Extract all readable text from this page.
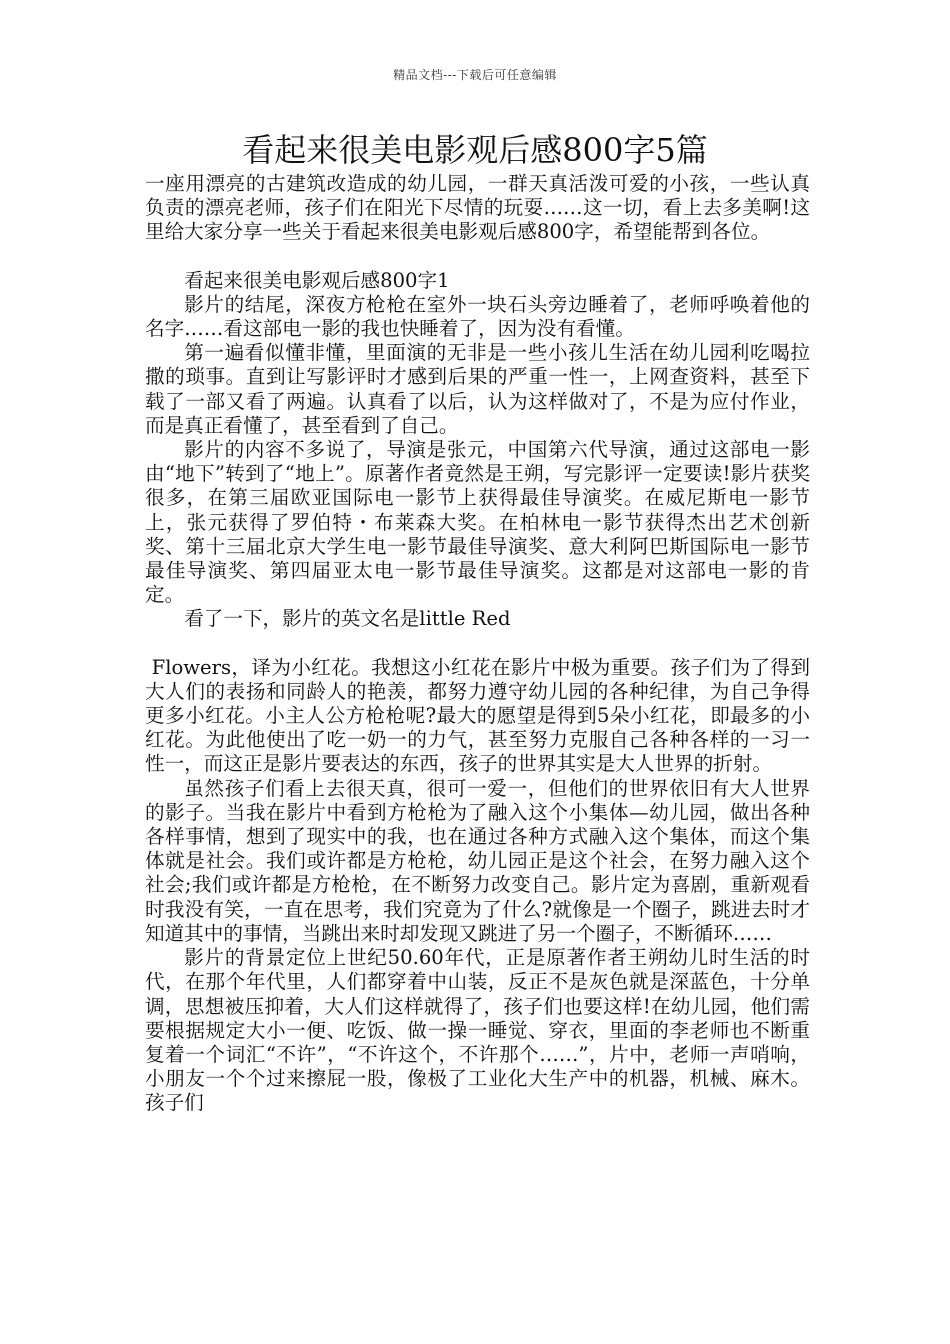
精品文档---下载后可任意编辑
看起来很美电影观后感800字5篇

一座用漂亮的古建筑改造成的幼儿园，一群天真活泼可爱的小孩，一些认真负责的漂亮老师，孩子们在阳光下尽情的玩耍……这一切，看上去多美啊!这里给大家分享一些关于看起来很美电影观后感800字，希望能帮到各位。

看起来很美电影观后感800字1

影片的结尾，深夜方枪枪在室外一块石头旁边睡着了，老师呼唤着他的名字……看这部电一影的我也快睡着了，因为没有看懂。

第一遍看似懂非懂，里面演的无非是一些小孩儿生活在幼儿园利吃喝拉撒的琐事。直到让写影评时才感到后果的严重一性一，上网查资料，甚至下载了一部又看了两遍。认真看了以后，认为这样做对了，不是为应付作业，而是真正看懂了，甚至看到了自己。

影片的内容不多说了，导演是张元，中国第六代导演，通过这部电一影由“地下”转到了“地上”。原著作者竟然是王朔，写完影评一定要读!影片获奖很多，在第三届欧亚国际电一影节上获得最佳导演奖。在威尼斯电一影节上，张元获得了罗伯特・布莱森大奖。在柏林电一影节获得杰出艺术创新奖、第十三届北京大学生电一影节最佳导演奖、意大利阿巴斯国际电一影节最佳导演奖、第四届亚太电一影节最佳导演奖。这都是对这部电一影的肯定。

看了一下，影片的英文名是little Red

Flowers，译为小红花。我想这小红花在影片中极为重要。孩子们为了得到大人们的表扬和同龄人的艳羡，都努力遵守幼儿园的各种纪律，为自己争得更多小红花。小主人公方枪枪呢?最大的愿望是得到5朵小红花，即最多的小红花。为此他使出了吃一奶一的力气，甚至努力克服自己各种各样的一习一性一，而这正是影片要表达的东西，孩子的世界其实是大人世界的折射。

虽然孩子们看上去很天真，很可一爱一，但他们的世界依旧有大人世界的影子。当我在影片中看到方枪枪为了融入这个小集体—幼儿园，做出各种各样事情，想到了现实中的我，也在通过各种方式融入这个集体，而这个集体就是社会。我们或许都是方枪枪，幼儿园正是这个社会，在努力融入这个社会;我们或许都是方枪枪，在不断努力改变自己。影片定为喜剧，重新观看时我没有笑，一直在思考，我们究竟为了什么?就像是一个圈子，跳进去时才知道其中的事情，当跳出来时却发现又跳进了另一个圈子，不断循环……

影片的背景定位上世纪50.60年代，正是原著作者王朔幼儿时生活的时代，在那个年代里，人们都穿着中山装，反正不是灰色就是深蓝色，十分单调，思想被压抑着，大人们这样就得了，孩子们也要这样!在幼儿园，他们需要根据规定大小一便、吃饭、做一操一睡觉、穿衣，里面的李老师也不断重复着一个词汇“不许”，“不许这个，不许那个……”，片中，老师一声哨响，小朋友一个个过来擦屁一股，像极了工业化大生产中的机器，机械、麻木。孩子们
